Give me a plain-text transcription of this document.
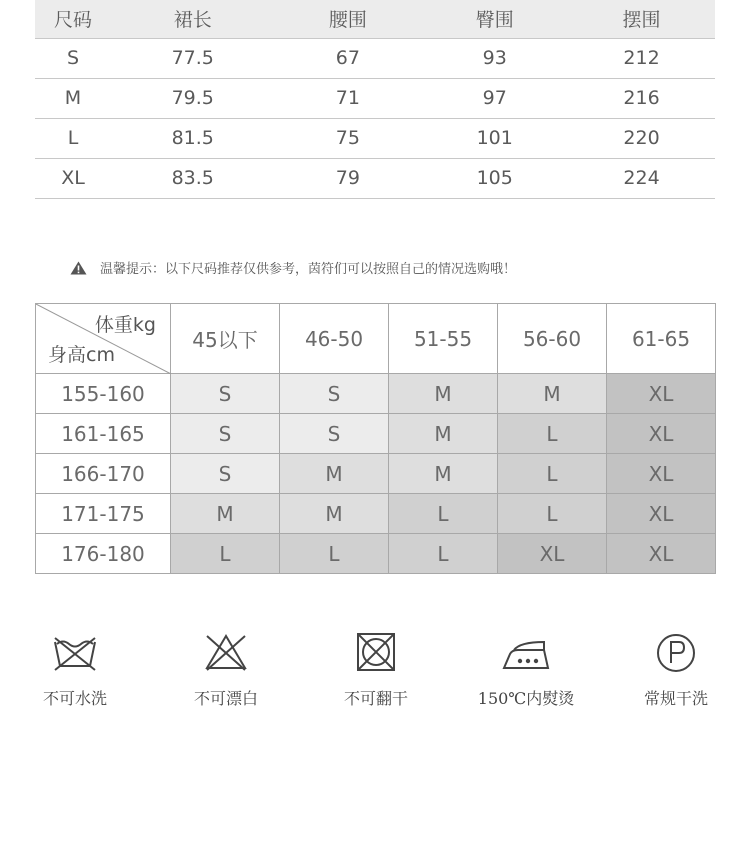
尺码	裙长	腰围	臀围	摆围
S	77.5	67	93	212
M	79.5	71	97	216
L	81.5	75	101	220
XL	83.5	79	105	224
温馨提示：以下尺码推荐仅供参考，茵符们可以按照自己的情况选购哦！
体重kg
身高cm	45以下	46-50	51-55	56-60	61-65
155-160	S	S	M	M	XL
161-165	S	S	M	L	XL
166-170	S	M	M	L	XL
171-175	M	M	L	L	XL
176-180	L	L	L	XL	XL
不可水洗	不可漂白	不可翻干	150℃内熨烫	常规干洗
